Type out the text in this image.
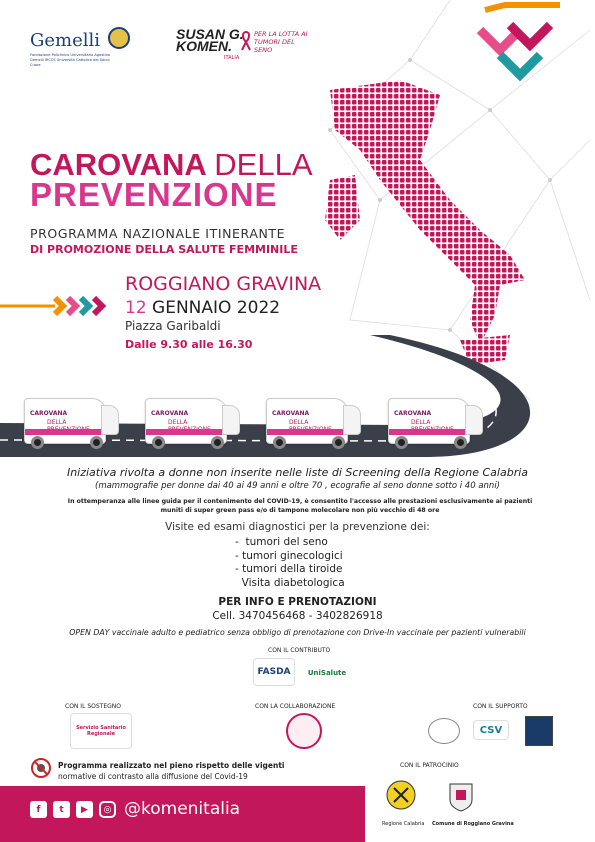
Gemelli
Fondazione Policlinico Universitario Agostino Gemelli IRCCS Università Cattolica del Sacro Cuore
SUSAN G. KOMEN.
ITALIA
PER LA LOTTA AI TUMORI DEL SENO
CAROVANA DELLA
PREVENZIONE
PROGRAMMA NAZIONALE ITINERANTE
DI PROMOZIONE DELLA SALUTE FEMMINILE
ROGGIANO GRAVINA
12 GENNAIO 2022
Piazza Garibaldi
Dalle 9.30 alle 16.30
CAROVANA
DELLA
CAROVANA
DELLA
CAROVANA
DELLA
CAROVANA
DELLA
Iniziativa rivolta a donne non inserite nelle liste di Screening della Regione Calabria
(mammografie per donne dai 40 ai 49 anni e oltre 70 , ecografie al seno donne sotto i 40 anni)
In ottemperanza alle linee guida per il contenimento del COVID-19, è consentito l'accesso alle prestazioni esclusivamente ai pazienti muniti di super green pass e/o di tampone molecolare non più vecchio di 48 ore
Visite ed esami diagnostici per la prevenzione dei:
-  tumori del seno
- tumori ginecologici
- tumori della tiroide
Visita diabetologica
PER INFO E PRENOTAZIONI
Cell. 3470456468 - 3402826918
OPEN DAY vaccinale adulto e pediatrico senza obbligo di prenotazione con Drive-In vaccinale per pazienti vulnerabili
CON IL CONTRIBUTO
FASDA	UniSalute
CON IL SOSTEGNO
Servizio Sanitario Regionale
CON LA COLLABORAZIONE	CON IL SUPPORTO
CSV
Programma realizzato nel pieno rispetto delle vigenti
normative di contrasto alla diffusione del Covid-19
CON IL PATROCINIO
Regione Calabria Comune di Roggiano Gravina
f	t	▶	◎ @komenitalia
